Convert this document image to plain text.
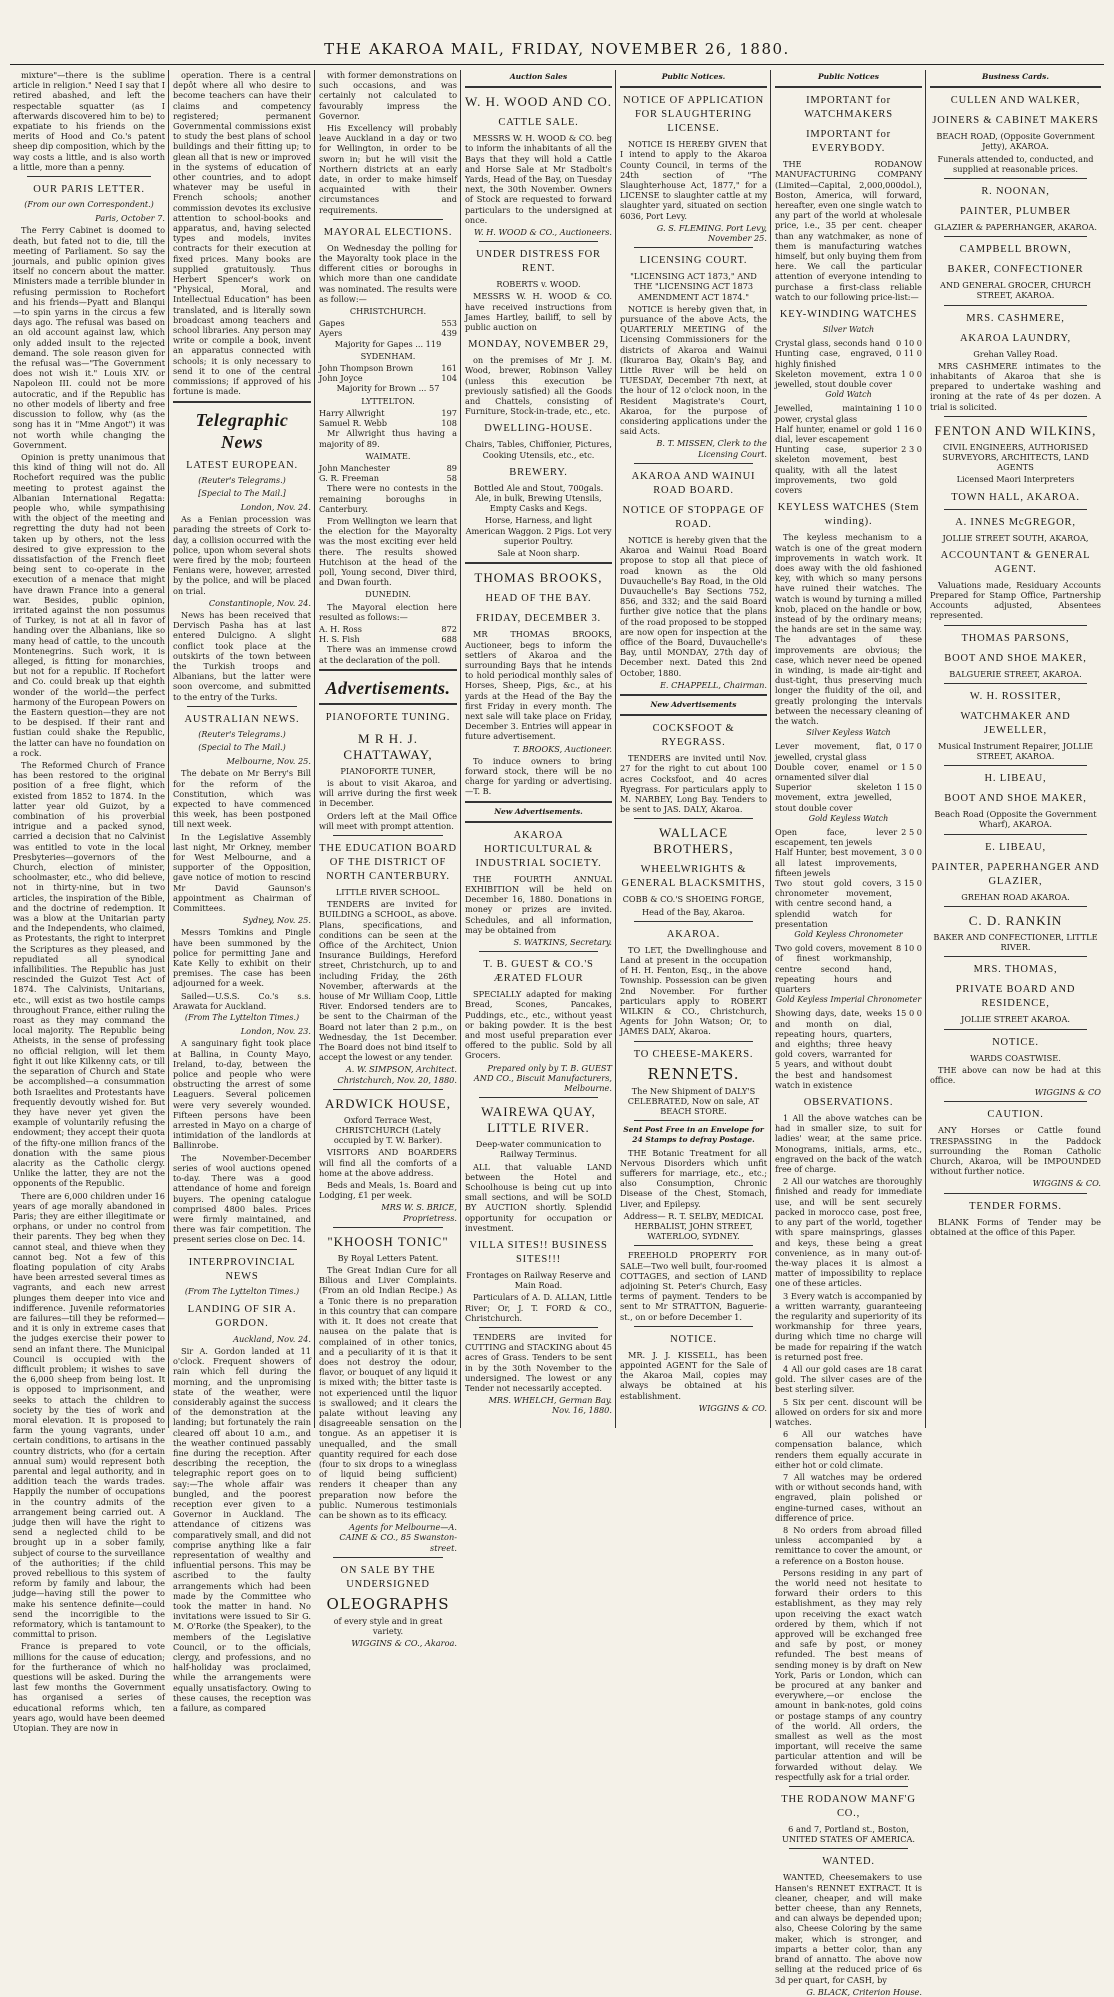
THE AKAROA MAIL, FRIDAY, NOVEMBER 26, 1880.

mixture"—there is the sublime article in religion." Need I say that I retired abashed, and left the respectable squatter (as I afterwards discovered him to be) to expatiate to his friends on the merits of Hood and Co.'s patent sheep dip composition, which by the way costs a little, and is also worth a little, more than a penny.

OUR PARIS LETTER.
(From our own Correspondent.)

Paris, October 7.

The Ferry Cabinet is doomed to death, but fated not to die, till the meeting of Parliament. So say the journals, and public opinion gives itself no concern about the matter. Ministers made a terrible blunder in refusing permission to Rochefort and his friends—Pyatt and Blanqui—to spin yarns in the circus a few days ago. The refusal was based on an old account against law, which only added insult to the rejected demand. The sole reason given for the refusal was—"The Government does not wish it." Louis XIV. or Napoleon III. could not be more autocratic, and if the Republic has no other models of liberty and free discussion to follow, why (as the song has it in "Mme Angot") it was not worth while changing the Government.

Opinion is pretty unanimous that this kind of thing will not do. All Rochefort required was the public meeting to protest against the Albanian International Regatta: people who, while sympathising with the object of the meeting and regretting the duty had not been taken up by others, not the less desired to give expression to the dissatisfaction of the French fleet being sent to co-operate in the execution of a menace that might have drawn France into a general war. Besides, public opinion, irritated against the non possumus of Turkey, is not at all in favor of handing over the Albanians, like so many head of cattle, to the uncouth Montenegrins. Such work, it is alleged, is fitting for monarchies, but not for a republic. If Rochefort and Co. could break up that eighth wonder of the world—the perfect harmony of the European Powers on the Eastern question—they are not to be despised. If their rant and fustian could shake the Republic, the latter can have no foundation on a rock.

The Reformed Church of France has been restored to the original position of a free flight, which existed from 1852 to 1874. In the latter year old Guizot, by a combination of his proverbial intrigue and a packed synod, carried a decision that no Calvinist was entitled to vote in the local Presbyteries—governors of the Church, election of minister, schoolmaster, etc., who did believe, not in thirty-nine, but in two articles, the inspiration of the Bible, and the doctrine of redemption. It was a blow at the Unitarian party and the Independents, who claimed, as Protestants, the right to interpret the Scriptures as they pleased, and repudiated all synodical infallibilities. The Republic has just rescinded the Guizot Test Act of 1874. The Calvinists, Unitarians, etc., will exist as two hostile camps throughout France, either ruling the roast as they may command the local majority. The Republic being Atheists, in the sense of professing no official religion, will let them fight it out like Kilkenny cats, or till the separation of Church and State be accomplished—a consummation both Israelites and Protestants have frequently devoutly wished for. But they have never yet given the example of voluntarily refusing the endowment; they accept their quota of the fifty-one million francs of the donation with the same pious alacrity as the Catholic clergy. Unlike the latter, they are not the opponents of the Republic.

There are 6,000 children under 16 years of age morally abandoned in Paris; they are either illegitimate or orphans, or under no control from their parents. They beg when they cannot steal, and thieve when they cannot beg. Not a few of this floating population of city Arabs have been arrested several times as vagrants, and each new arrest plunges them deeper into vice and indifference. Juvenile reformatories are failures—till they be reformed—and it is only in extreme cases that the judges exercise their power to send an infant there. The Municipal Council is occupied with the difficult problem; it wishes to save the 6,000 sheep from being lost. It is opposed to imprisonment, and seeks to attach the children to society by the ties of work and moral elevation. It is proposed to farm the young vagrants, under certain conditions, to artisans in the country districts, who (for a certain annual sum) would represent both parental and legal authority, and in addition teach the wards trades. Happily the number of occupations in the country admits of the arrangement being carried out. A judge then will have the right to send a neglected child to be brought up in a sober family, subject of course to the surveillance of the authorities; if the child proved rebellious to this system of reform by family and labour, the judge—having still the power to make his sentence definite—could send the incorrigible to the reformatory, which is tantamount to committal to prison.

France is prepared to vote millions for the cause of education; for the furtherance of which no questions will be asked. During the last few months the Government has organised a series of educational reforms which, ten years ago, would have been deemed Utopian. They are now in

operation. There is a central depôt where all who desire to become teachers can have their claims and competency registered; permanent Governmental commissions exist to study the best plans of school buildings and their fitting up; to glean all that is new or improved in the systems of education of other countries, and to adopt whatever may be useful in French schools; another commission devotes its exclusive attention to school-books and apparatus, and, having selected types and models, invites contracts for their execution at fixed prices. Many books are supplied gratuitously. Thus Herbert Spencer's work on "Physical, Moral, and Intellectual Education" has been translated, and is literally sown broadcast among teachers and school libraries. Any person may write or compile a book, invent an apparatus connected with schools; it is only necessary to send it to one of the central commissions; if approved of his fortune is made.

Telegraphic News
LATEST EUROPEAN.
(Reuter's Telegrams.)
[Special to The Mail.]

London, Nov. 24.

As a Fenian procession was parading the streets of Cork to-day, a collision occurred with the police, upon whom several shots were fired by the mob; fourteen Fenians were, however, arrested by the police, and will be placed on trial.

Constantinople, Nov. 24.

News has been received that Dervisch Pasha has at last entered Dulcigno. A slight conflict took place at the outskirts of the town between the Turkish troops and Albanians, but the latter were soon overcome, and submitted to the entry of the Turks.

AUSTRALIAN NEWS.
(Reuter's Telegrams.)
(Special to The Mail.)

Melbourne, Nov. 25.

The debate on Mr Berry's Bill for the reform of the Constitution, which was expected to have commenced this week, has been postponed till next week.

In the Legislative Assembly last night, Mr Orkney, member for West Melbourne, and a supporter of the Opposition, gave notice of motion to rescind Mr David Gaunson's appointment as Chairman of Committees.

Sydney, Nov. 25.

Messrs Tomkins and Pingle have been summoned by the police for permitting Jane and Kate Kelly to exhibit on their premises. The case has been adjourned for a week.

Sailed—U.S.S. Co.'s s.s. Arawata for Auckland.

(From The Lyttelton Times.)

London, Nov. 23.

A sanguinary fight took place at Ballina, in County Mayo, Ireland, to-day, between the police and people who were obstructing the arrest of some Leaguers. Several policemen were very severely wounded. Fifteen persons have been arrested in Mayo on a charge of intimidation of the landlords at Ballinrobe.

The November-December series of wool auctions opened to-day. There was a good attendance of home and foreign buyers. The opening catalogue comprised 4800 bales. Prices were firmly maintained, and there was fair competition. The present series close on Dec. 14.

INTERPROVINCIAL NEWS
(From The Lyttelton Times.)
LANDING OF SIR A. GORDON.

Auckland, Nov. 24.

Sir A. Gordon landed at 11 o'clock. Frequent showers of rain which fell during the morning, and the unpromising state of the weather, were considerably against the success of the demonstration at the landing; but fortunately the rain cleared off about 10 a.m., and the weather continued passably fine during the reception. After describing the reception, the telegraphic report goes on to say:—The whole affair was bungled, and the poorest reception ever given to a Governor in Auckland. The attendance of citizens was comparatively small, and did not comprise anything like a fair representation of wealthy and influential persons. This may be ascribed to the faulty arrangements which had been made by the Committee who took the matter in hand. No invitations were issued to Sir G. M. O'Rorke (the Speaker), to the members of the Legislative Council, or to the officials, clergy, and professions, and no half-holiday was proclaimed, while the arrangements were equally unsatisfactory. Owing to these causes, the reception was a failure, as compared

with former demonstrations on such occasions, and was certainly not calculated to favourably impress the Governor.

His Excellency will probably leave Auckland in a day or two for Wellington, in order to be sworn in; but he will visit the Northern districts at an early date, in order to make himself acquainted with their circumstances and requirements.

MAYORAL ELECTIONS.

On Wednesday the polling for the Mayoralty took place in the different cities or boroughs in which more than one candidate was nominated. The results were as follow:—

CHRISTCHURCH.

Gapes	553
Ayers	439

Majority for Gapes ... 119

SYDENHAM.

John Thompson Brown	161
John Joyce	104

Majority for Brown ... 57

LYTTELTON.

Harry Allwright	197
Samuel R. Webb	108

Mr Allwright thus having a majority of 89.

WAIMATE.

John Manchester	89
G. R. Freeman	58

There were no contests in the remaining boroughs in Canterbury.

From Wellington we learn that the election for the Mayoralty was the most exciting ever held there. The results showed Hutchison at the head of the poll, Young second, Diver third, and Dwan fourth.

DUNEDIN.

The Mayoral election here resulted as follows:—

A. H. Ross	872
H. S. Fish	688

There was an immense crowd at the declaration of the poll.

Advertisements.
PIANOFORTE TUNING.
M R H. J. CHATTAWAY,

PIANOFORTE TUNER,

is about to visit Akaroa, and will arrive during the first week in December.

Orders left at the Mail Office will meet with prompt attention.

THE EDUCATION BOARD OF THE DISTRICT OF NORTH CANTERBURY.

LITTLE RIVER SCHOOL.

TENDERS are invited for BUILDING a SCHOOL, as above. Plans, specifications, and conditions can be seen at the Office of the Architect, Union Insurance Buildings, Hereford street, Christchurch, up to and including Friday, the 26th November, afterwards at the house of Mr William Coop, Little River. Endorsed tenders are to be sent to the Chairman of the Board not later than 2 p.m., on Wednesday, the 1st December. The Board does not bind itself to accept the lowest or any tender.

A. W. SIMPSON, Architect. Christchurch, Nov. 20, 1880.

ARDWICK HOUSE,

Oxford Terrace West, CHRISTCHURCH (Lately occupied by T. W. Barker).

VISITORS AND BOARDERS will find all the comforts of a home at the above address.

Beds and Meals, 1s. Board and Lodging, £1 per week.

MRS W. S. BRICE, Proprietress.

"KHOOSH TONIC"

By Royal Letters Patent.

The Great Indian Cure for all Bilious and Liver Complaints. (From an old Indian Recipe.) As a Tonic there is no preparation in this country that can compare with it. It does not create that nausea on the palate that is complained of in other tonics, and a peculiarity of it is that it does not destroy the odour, flavor, or bouquet of any liquid it is mixed with; the bitter taste is not experienced until the liquor is swallowed; and it clears the palate without leaving any disagreeable sensation on the tongue. As an appetiser it is unequalled, and the small quantity required for each dose (four to six drops to a wineglass of liquid being sufficient) renders it cheaper than any preparation now before the public. Numerous testimonials can be shown as to its efficacy.

Agents for Melbourne—A. CAINE & CO., 85 Swanston-street.

ON SALE BY THE UNDERSIGNED
OLEOGRAPHS

of every style and in great variety.

WIGGINS & CO., Akaroa.

Auction Sales
W. H. WOOD AND CO.
CATTLE SALE.

MESSRS W. H. WOOD & CO. beg to inform the inhabitants of all the Bays that they will hold a Cattle and Horse Sale at Mr Stadbolt's Yards, Head of the Bay, on Tuesday next, the 30th November. Owners of Stock are requested to forward particulars to the undersigned at once.

W. H. WOOD & CO., Auctioneers.

UNDER DISTRESS FOR RENT.

ROBERTS v. WOOD.

MESSRS W. H. WOOD & CO. have received instructions from James Hartley, bailiff, to sell by public auction on

MONDAY, NOVEMBER 29,

on the premises of Mr J. M. Wood, brewer, Robinson Valley (unless this execution be previously satisfied) all the Goods and Chattels, consisting of Furniture, Stock-in-trade, etc., etc.

DWELLING-HOUSE.

Chairs, Tables, Chiffonier, Pictures, Cooking Utensils, etc., etc.

BREWERY.

Bottled Ale and Stout, 700gals. Ale, in bulk, Brewing Utensils, Empty Casks and Kegs.

Horse, Harness, and light American Waggon. 2 Pigs. Lot very superior Poultry.

Sale at Noon sharp.

THOMAS BROOKS,
HEAD OF THE BAY.
FRIDAY, DECEMBER 3.

MR THOMAS BROOKS, Auctioneer, begs to inform the settlers of Akaroa and the surrounding Bays that he intends to hold periodical monthly sales of Horses, Sheep, Pigs, &c., at his yards at the Head of the Bay the first Friday in every month. The next sale will take place on Friday, December 3. Entries will appear in future advertisement.

T. BROOKS, Auctioneer.

To induce owners to bring forward stock, there will be no charge for yarding or advertising.—T. B.

New Advertisements.
AKAROA HORTICULTURAL & INDUSTRIAL SOCIETY.

THE FOURTH ANNUAL EXHIBITION will be held on December 16, 1880. Donations in money or prizes are invited. Schedules, and all information, may be obtained from

S. WATKINS, Secretary.

T. B. GUEST & CO.'S ÆRATED FLOUR

SPECIALLY adapted for making Bread, Scones, Pancakes, Puddings, etc., etc., without yeast or baking powder. It is the best and most useful preparation ever offered to the public. Sold by all Grocers.

Prepared only by T. B. GUEST AND CO., Biscuit Manufacturers, Melbourne.

WAIREWA QUAY, LITTLE RIVER.

Deep-water communication to Railway Terminus.

ALL that valuable LAND between the Hotel and Schoolhouse is being cut up into small sections, and will be SOLD BY AUCTION shortly. Splendid opportunity for occupation or investment.

VILLA SITES!! BUSINESS SITES!!!

Frontages on Railway Reserve and Main Road.

Particulars of A. D. ALLAN, Little River; Or, J. T. FORD & CO., Christchurch.

TENDERS are invited for CUTTING and STACKING about 45 acres of Grass. Tenders to be sent in by the 30th November to the undersigned. The lowest or any Tender not necessarily accepted.

MRS. WHELCH, German Bay. Nov. 16, 1880.

Public Notices.
NOTICE OF APPLICATION FOR SLAUGHTERING LICENSE.

NOTICE IS HEREBY GIVEN that I intend to apply to the Akaroa County Council, in terms of the 24th section of "The Slaughterhouse Act, 1877," for a LICENSE to slaughter cattle at my slaughter yard, situated on section 6036, Port Levy.

G. S. FLEMING. Port Levy, November 25.

LICENSING COURT.

"LICENSING ACT 1873," AND THE "LICENSING ACT 1873 AMENDMENT ACT 1874."

NOTICE is hereby given that, in pursuance of the above Acts, the QUARTERLY MEETING of the Licensing Commissioners for the districts of Akaroa and Wainui (Ikuraroa Bay, Okain's Bay, and Little River will be held on TUESDAY, December 7th next, at the hour of 12 o'clock noon, in the Resident Magistrate's Court, Akaroa, for the purpose of considering applications under the said Acts.

B. T. MISSEN, Clerk to the Licensing Court.

AKAROA AND WAINUI ROAD BOARD.
NOTICE OF STOPPAGE OF ROAD.

NOTICE is hereby given that the Akaroa and Wainui Road Board propose to stop all that piece of road known as the Old Duvauchelle's Bay Road, in the Old Duvauchelle's Bay Sections 752, 856, and 332; and the said Board further give notice that the plans of the road proposed to be stopped are now open for inspection at the office of the Board, Duvauchelle's Bay, until MONDAY, 27th day of December next. Dated this 2nd October, 1880.

E. CHAPPELL, Chairman.

New Advertisements
COCKSFOOT & RYEGRASS.

TENDERS are invited until Nov. 27 for the right to cut about 100 acres Cocksfoot, and 40 acres Ryegrass. For particulars apply to M. NARBEY, Long Bay. Tenders to be sent to JAS. DALY, Akaroa.

WALLACE BROTHERS,
WHEELWRIGHTS & GENERAL BLACKSMITHS,

COBB & CO.'S SHOEING FORGE,

Head of the Bay, Akaroa.

AKAROA.

TO LET, the Dwellinghouse and Land at present in the occupation of H. H. Fenton, Esq., in the above Township. Possession can be given 2nd November. For further particulars apply to ROBERT WILKIN & CO., Christchurch, Agents for John Watson; Or, to JAMES DALY, Akaroa.

TO CHEESE-MAKERS.
RENNETS.

The New Shipment of DALY'S CELEBRATED, Now on sale, AT BEACH STORE.

Sent Post Free in an Envelope for 24 Stamps to defray Postage.

THE Botanic Treatment for all Nervous Disorders which unfit sufferers for marriage, etc., etc.; also Consumption, Chronic Disease of the Chest, Stomach, Liver, and Epilepsy.

Address— R. T. SELBY, MEDICAL HERBALIST, JOHN STREET, WATERLOO, SYDNEY.

FREEHOLD PROPERTY FOR SALE—Two well built, four-roomed COTTAGES, and section of LAND adjoining St. Peter's Church, Easy terms of payment. Tenders to be sent to Mr STRATTON, Baguerie-st., on or before December 1.

NOTICE.

MR. J. J. KISSELL, has been appointed AGENT for the Sale of the Akaroa Mail, copies may always be obtained at his establishment.

WIGGINS & CO.

Public Notices
IMPORTANT for WATCHMAKERS
IMPORTANT for EVERYBODY.

THE RODANOW MANUFACTURING COMPANY (Limited—Capital, 2,000,000dol.), Boston, America, will forward, hereafter, even one single watch to any part of the world at wholesale price, i.e., 35 per cent. cheaper than any watchmaker, as none of them is manufacturing watches himself, but only buying them from here. We call the particular attention of everyone intending to purchase a first-class reliable watch to our following price-list:—

KEY-WINDING WATCHES
Silver Watch
Crystal glass, seconds hand 0 10 0
Hunting case, engraved, highly finished
0 11 0
Skeleton movement, extra jewelled, stout double cover
1 0 0
Gold Watch
Jewelled, maintaining power, crystal glass
1 10 0
Half hunter, enamel or gold dial, lever escapement
1 16 0
Hunting case, superior skeleton movement, best quality, with all the latest improvements, two gold covers
2 3 0
KEYLESS WATCHES (Stem winding).

The keyless mechanism to a watch is one of the great modern improvements in watch work. It does away with the old fashioned key, with which so many persons have ruined their watches. The watch is wound by turning a milled knob, placed on the handle or bow, instead of by the ordinary means; the hands are set in the same way. The advantages of these improvements are obvious; the case, which never need be opened in winding, is made air-tight and dust-tight, thus preserving much longer the fluidity of the oil, and greatly prolonging the intervals between the necessary cleaning of the watch.

Silver Keyless Watch
Lever movement, flat, jewelled, crystal glass
0 17 0
Double cover, enamel or ornamented silver dial
1 5 0
Superior skeleton movement, extra jewelled, stout double cover
1 15 0
Gold Keyless Watch
Open face, lever escapement, ten jewels
2 5 0
Half Hunter, best movement, all latest improvements, fifteen jewels
3 0 0
Two stout gold covers, chronometer movement, with centre second hand, a splendid watch for presentation
3 15 0
Gold Keyless Chronometer
Two gold covers, movement of finest workmanship, centre second hand, repeating hours and quarters
8 10 0
Gold Keyless Imperial Chronometer
Showing days, date, weeks and month on dial, repeating hours, quarters, and eighths; three heavy gold covers, warranted for 5 years, and without doubt the best and handsomest watch in existence
15 0 0
OBSERVATIONS.

1 All the above watches can be had in smaller size, to suit for ladies' wear, at the same price. Monograms, initials, arms, etc., engraved on the back of the watch free of charge.

2 All our watches are thoroughly finished and ready for immediate use, and will be sent securely packed in morocco case, post free, to any part of the world, together with spare mainsprings, glasses and keys, these being a great convenience, as in many out-of-the-way places it is almost a matter of impossibility to replace one of these articles.

3 Every watch is accompanied by a written warranty, guaranteeing the regularity and superiority of its workmanship for three years, during which time no charge will be made for repairing if the watch is returned post free.

4 All our gold cases are 18 carat gold. The silver cases are of the best sterling silver.

5 Six per cent. discount will be allowed on orders for six and more watches.

6 All our watches have compensation balance, which renders them equally accurate in either hot or cold climate.

7 All watches may be ordered with or without seconds hand, with engraved, plain polished or engine-turned cases, without an difference of price.

8 No orders from abroad filled unless accompanied by a remittance to cover the amount, or a reference on a Boston house.

Persons residing in any part of the world need not hesitate to forward their orders to this establishment, as they may rely upon receiving the exact watch ordered by them, which if not approved will be exchanged free and safe by post, or money refunded. The best means of sending money is by draft on New York, Paris or London, which can be procured at any banker and everywhere,—or enclose the amount in bank-notes, gold coins or postage stamps of any country of the world. All orders, the smallest as well as the most important, will receive the same particular attention and will be forwarded without delay. We respectfully ask for a trial order.

THE RODANOW MANF'G CO.,

6 and 7, Portland st., Boston, UNITED STATES OF AMERICA.

WANTED.

WANTED, Cheesemakers to use Hansen's RENNET EXTRACT. It is cleaner, cheaper, and will make better cheese, than any Rennets, and can always be depended upon; also, Cheese Coloring by the same maker, which is stronger, and imparts a better color, than any brand of annatto. The above now selling at the reduced price of 6s 3d per quart, for CASH, by

G. BLACK, Criterion House.

Business Cards.
CULLEN AND WALKER,
JOINERS & CABINET MAKERS

BEACH ROAD, (Opposite Government Jetty), AKAROA.

Funerals attended to, conducted, and supplied at reasonable prices.

R. NOONAN,
PAINTER, PLUMBER

GLAZIER & PAPERHANGER, AKAROA.

CAMPBELL BROWN,
BAKER, CONFECTIONER

AND GENERAL GROCER, CHURCH STREET, AKAROA.

MRS. CASHMERE,
AKAROA LAUNDRY,

Grehan Valley Road.

MRS CASHMERE intimates to the inhabitants of Akaroa that she is prepared to undertake washing and ironing at the rate of 4s per dozen. A trial is solicited.

FENTON AND WILKINS,

CIVIL ENGINEERS, AUTHORISED SURVEYORS, ARCHITECTS, LAND AGENTS

Licensed Maori Interpreters

TOWN HALL, AKAROA.
A. INNES McGREGOR,

JOLLIE STREET SOUTH, AKAROA,

ACCOUNTANT & GENERAL AGENT.

Valuations made, Residuary Accounts Prepared for Stamp Office, Partnership Accounts adjusted, Absentees represented.

THOMAS PARSONS,
BOOT AND SHOE MAKER,

BALGUERIE STREET, AKAROA.

W. H. ROSSITER,
WATCHMAKER AND JEWELLER,

Musical Instrument Repairer, JOLLIE STREET, AKAROA.

H. LIBEAU,
BOOT AND SHOE MAKER,

Beach Road (Opposite the Government Wharf), AKAROA.

E. LIBEAU,
PAINTER, PAPERHANGER AND GLAZIER,

GREHAN ROAD AKAROA.

C. D. RANKIN

BAKER AND CONFECTIONER, LITTLE RIVER.

MRS. THOMAS,
PRIVATE BOARD AND RESIDENCE,

JOLLIE STREET AKAROA.

NOTICE.

WARDS COASTWISE.

THE above can now be had at this office.

WIGGINS & CO

CAUTION.

ANY Horses or Cattle found TRESPASSING in the Paddock surrounding the Roman Catholic Church, Akaroa, will be IMPOUNDED without further notice.

WIGGINS & CO.

TENDER FORMS.

BLANK Forms of Tender may be obtained at the office of this Paper.
